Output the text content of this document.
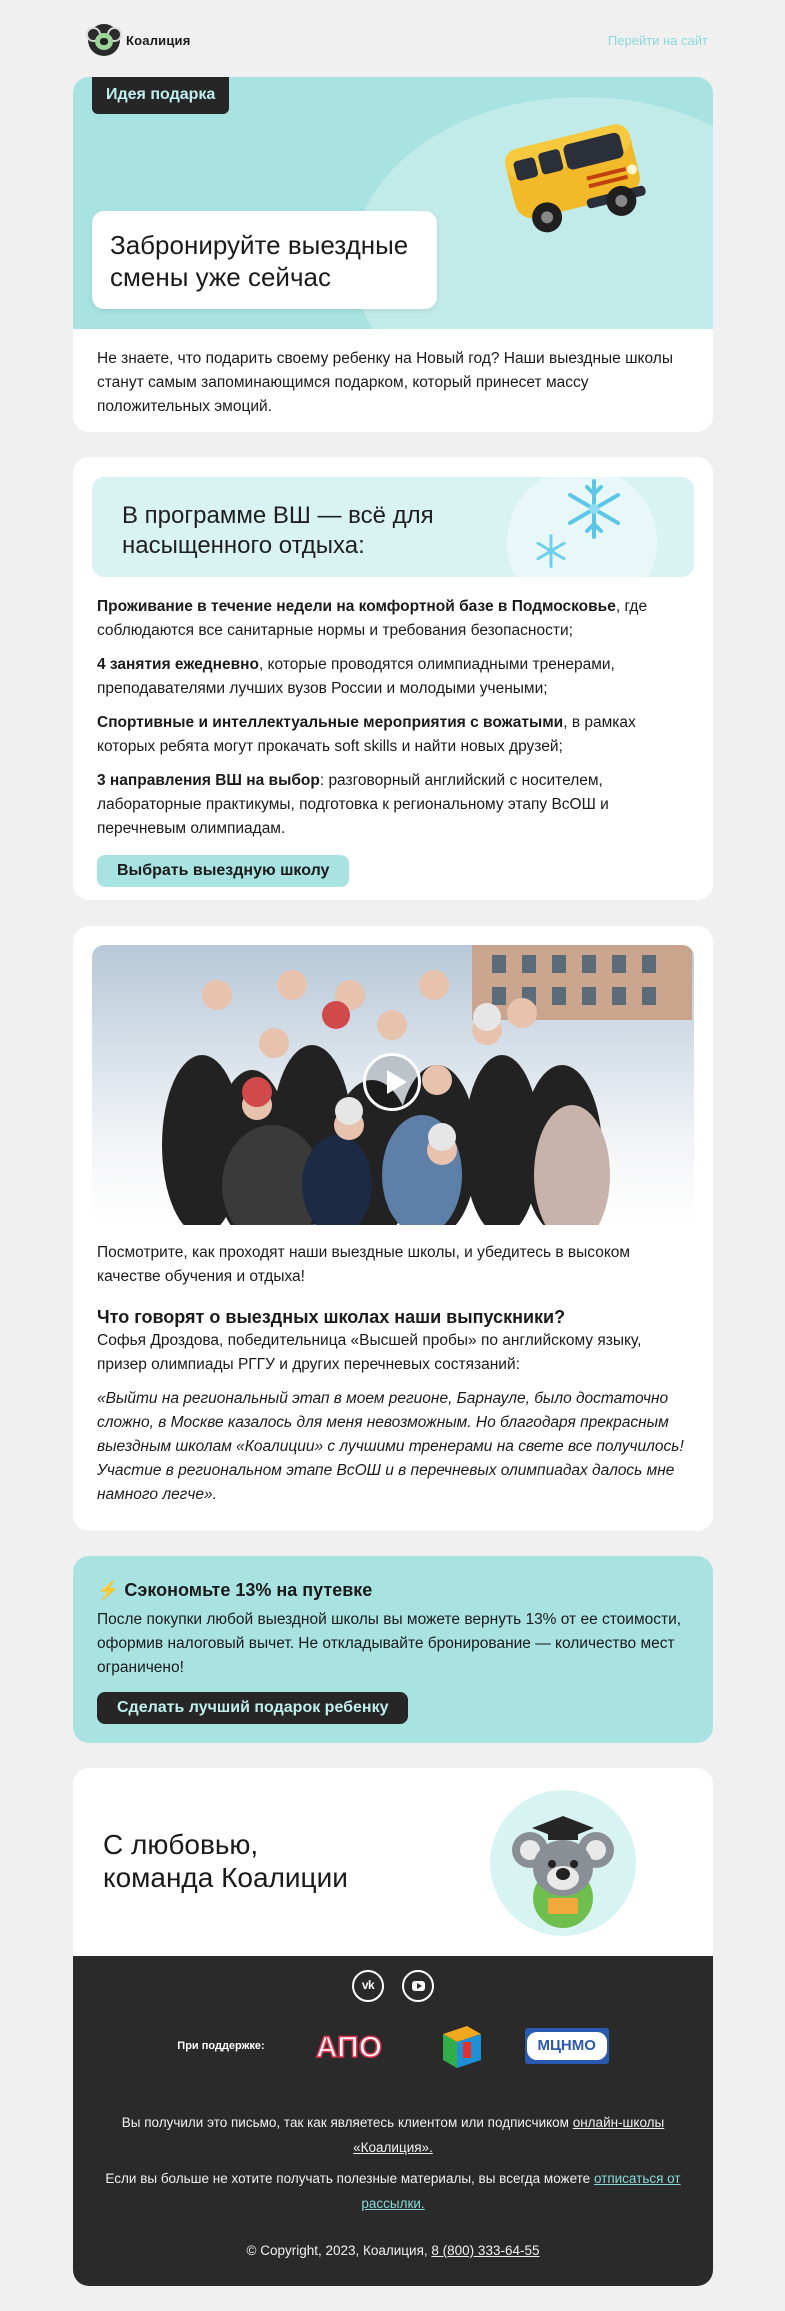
Коалиция	Перейти на сайт
Идея подарка
Забронируйте выездные смены уже сейчас
Не знаете, что подарить своему ребенку на Новый год? Наши выездные школы станут самым запоминающимся подарком, который принесет массу положительных эмоций.
В программе ВШ — всё для насыщенного отдыха:

Проживание в течение недели на комфортной базе в Подмосковье, где соблюдаются все санитарные нормы и требования безопасности;

4 занятия ежедневно, которые проводятся олимпиадными тренерами, преподавателями лучших вузов России и молодыми учеными;

Спортивные и интеллектуальные мероприятия с вожатыми, в рамках которых ребята могут прокачать soft skills и найти новых друзей;

3 направления ВШ на выбор: разговорный английский с носителем, лабораторные практикумы, подготовка к региональному этапу ВсОШ и перечневым олимпиадам.

Выбрать выездную школу
Посмотрите, как проходят наши выездные школы, и убедитесь в высоком качестве обучения и отдыха!
Что говорят о выездных школах наши выпускники?
Софья Дроздова, победительница «Высшей пробы» по английскому языку, призер олимпиады РГГУ и других перечневых состязаний:
«Выйти на региональный этап в моем регионе, Барнауле, было достаточно сложно, в Москве казалось для меня невозможным. Но благодаря прекрасным выездным школам «Коалиции» с лучшими тренерами на свете все получилось! Участие в региональном этапе ВсОШ и в перечневых олимпиадах далось мне намного легче».
⚡ Сэкономьте 13% на путевке
После покупки любой выездной школы вы можете вернуть 13% от ее стоимости, оформив налоговый вычет. Не откладывайте бронирование — количество мест ограничено!
Сделать лучший подарок ребенку
С любовью,
команда Коалиции
vk
При поддержке: АПО	МЦНМО
Вы получили это письмо, так как являетесь клиентом или подписчиком онлайн-школы «Коалиция».
Если вы больше не хотите получать полезные материалы, вы всегда можете отписаться от рассылки.
© Copyright, 2023, Коалиция, 8 (800) 333-64-55
